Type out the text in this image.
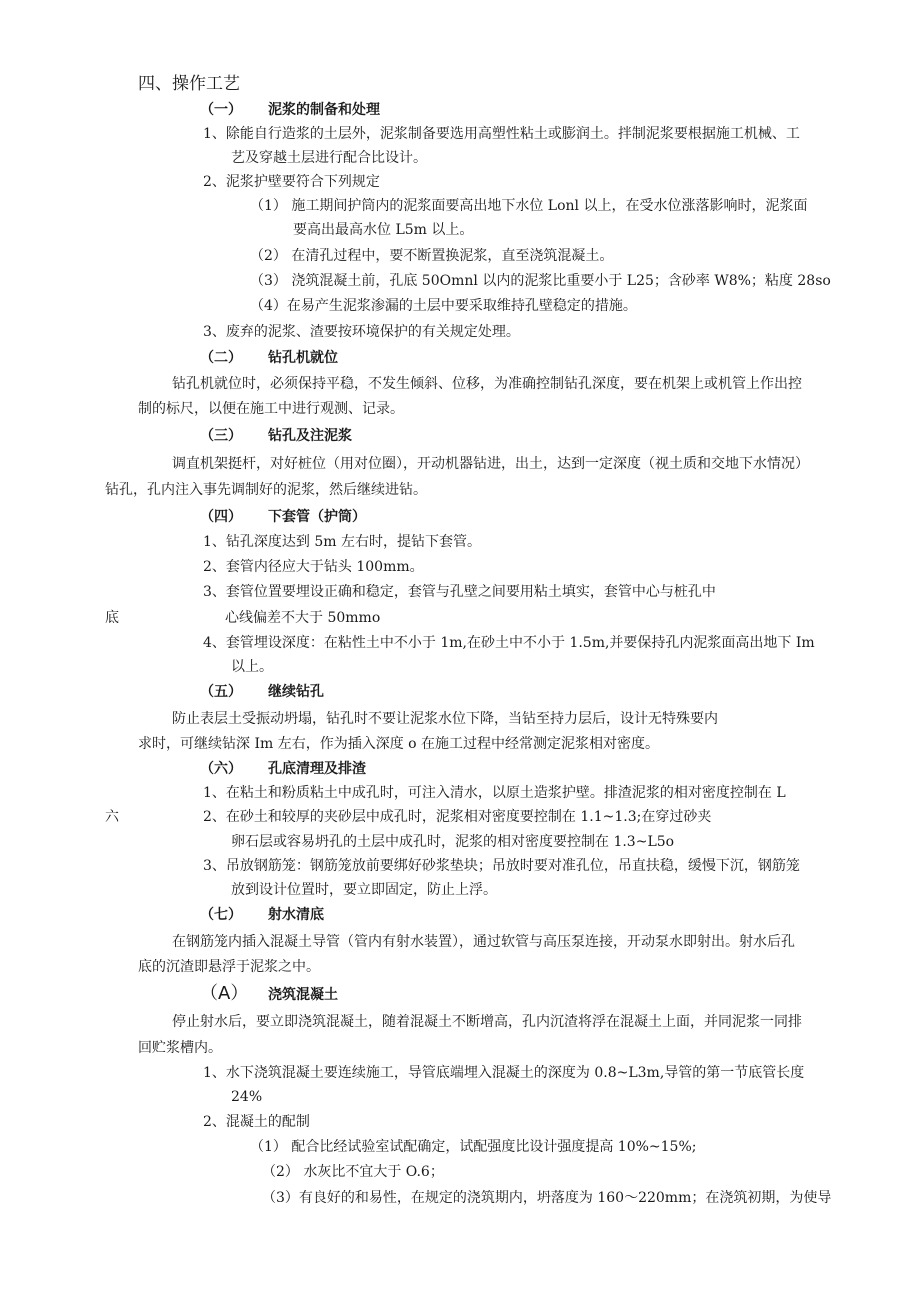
四、操作工艺
（一） 泥浆的制备和处理
1、除能自行造浆的土层外，泥浆制备要选用高塑性粘土或膨润土。拌制泥浆要根据施工机械、工
艺及穿越土层进行配合比设计。
2、泥浆护壁要符合下列规定
（1） 施工期间护筒内的泥浆面要高出地下水位 Lonl 以上，在受水位涨落影响时，泥浆面
要高出最高水位 L5m 以上。
（2） 在清孔过程中，要不断置换泥浆，直至浇筑混凝土。
（3） 浇筑混凝土前，孔底 50Omnl 以内的泥浆比重要小于 L25；含砂率 W8%；粘度 28so
（4）在易产生泥浆渗漏的土层中要采取维持孔壁稳定的措施。
3、废弃的泥浆、渣要按环境保护的有关规定处理。
（二） 钻孔机就位
钻孔机就位时，必须保持平稳，不发生倾斜、位移，为准确控制钻孔深度，要在机架上或机管上作出控
制的标尺，以便在施工中进行观测、记录。
（三） 钻孔及注泥浆
调直机架挺杆，对好桩位（用对位圈），开动机器钻进，出土，达到一定深度（视土质和交地下水情况）
钻孔，孔内注入事先调制好的泥浆，然后继续进钻。
（四） 下套管（护筒）
1、钻孔深度达到 5m 左右时，提钻下套管。
2、套管内径应大于钻头 100mm。
3、套管位置要埋设正确和稳定，套管与孔壁之间要用粘土填实，套管中心与桩孔中
底	心线偏差不大于 50mmo
4、套管埋设深度：在粘性土中不小于 1m,在砂土中不小于 1.5m,并要保持孔内泥浆面高出地下 Im
以上。
（五） 继续钻孔
防止表层土受振动坍塌，钻孔时不要让泥浆水位下降，当钻至持力层后，设计无特殊要内
求时，可继续钻深 Im 左右，作为插入深度 o 在施工过程中经常测定泥浆相对密度。
（六） 孔底清理及排渣
1、在粘土和粉质粘土中成孔时，可注入清水，以原土造浆护壁。排渣泥浆的相对密度控制在 L
六	2、在砂土和较厚的夹砂层中成孔时，泥浆相对密度要控制在 1.1~1.3;在穿过砂夹
卵石层或容易坍孔的土层中成孔时，泥浆的相对密度要控制在 1.3~L5o
3、吊放钢筋笼：钢筋笼放前要绑好砂浆垫块；吊放时要对准孔位，吊直扶稳，缓慢下沉，钢筋笼
放到设计位置时，要立即固定，防止上浮。
（七） 射水清底
在钢筋笼内插入混凝土导管（管内有射水装置），通过软管与高压泵连接，开动泵水即射出。射水后孔
底的沉渣即悬浮于泥浆之中。
（A） 浇筑混凝土
停止射水后，要立即浇筑混凝土，随着混凝土不断增高，孔内沉渣将浮在混凝土上面，并同泥浆一同排
回贮浆槽内。
1、水下浇筑混凝土要连续施工，导管底端埋入混凝土的深度为 0.8~L3m,导管的第一节底管长度
24%
2、混凝土的配制
（1） 配合比经试验室试配确定，试配强度比设计强度提高 10%~15%;
（2） 水灰比不宜大于 O.6；
（3）有良好的和易性，在规定的浇筑期内，坍落度为 160～220mm；在浇筑初期，为使导
